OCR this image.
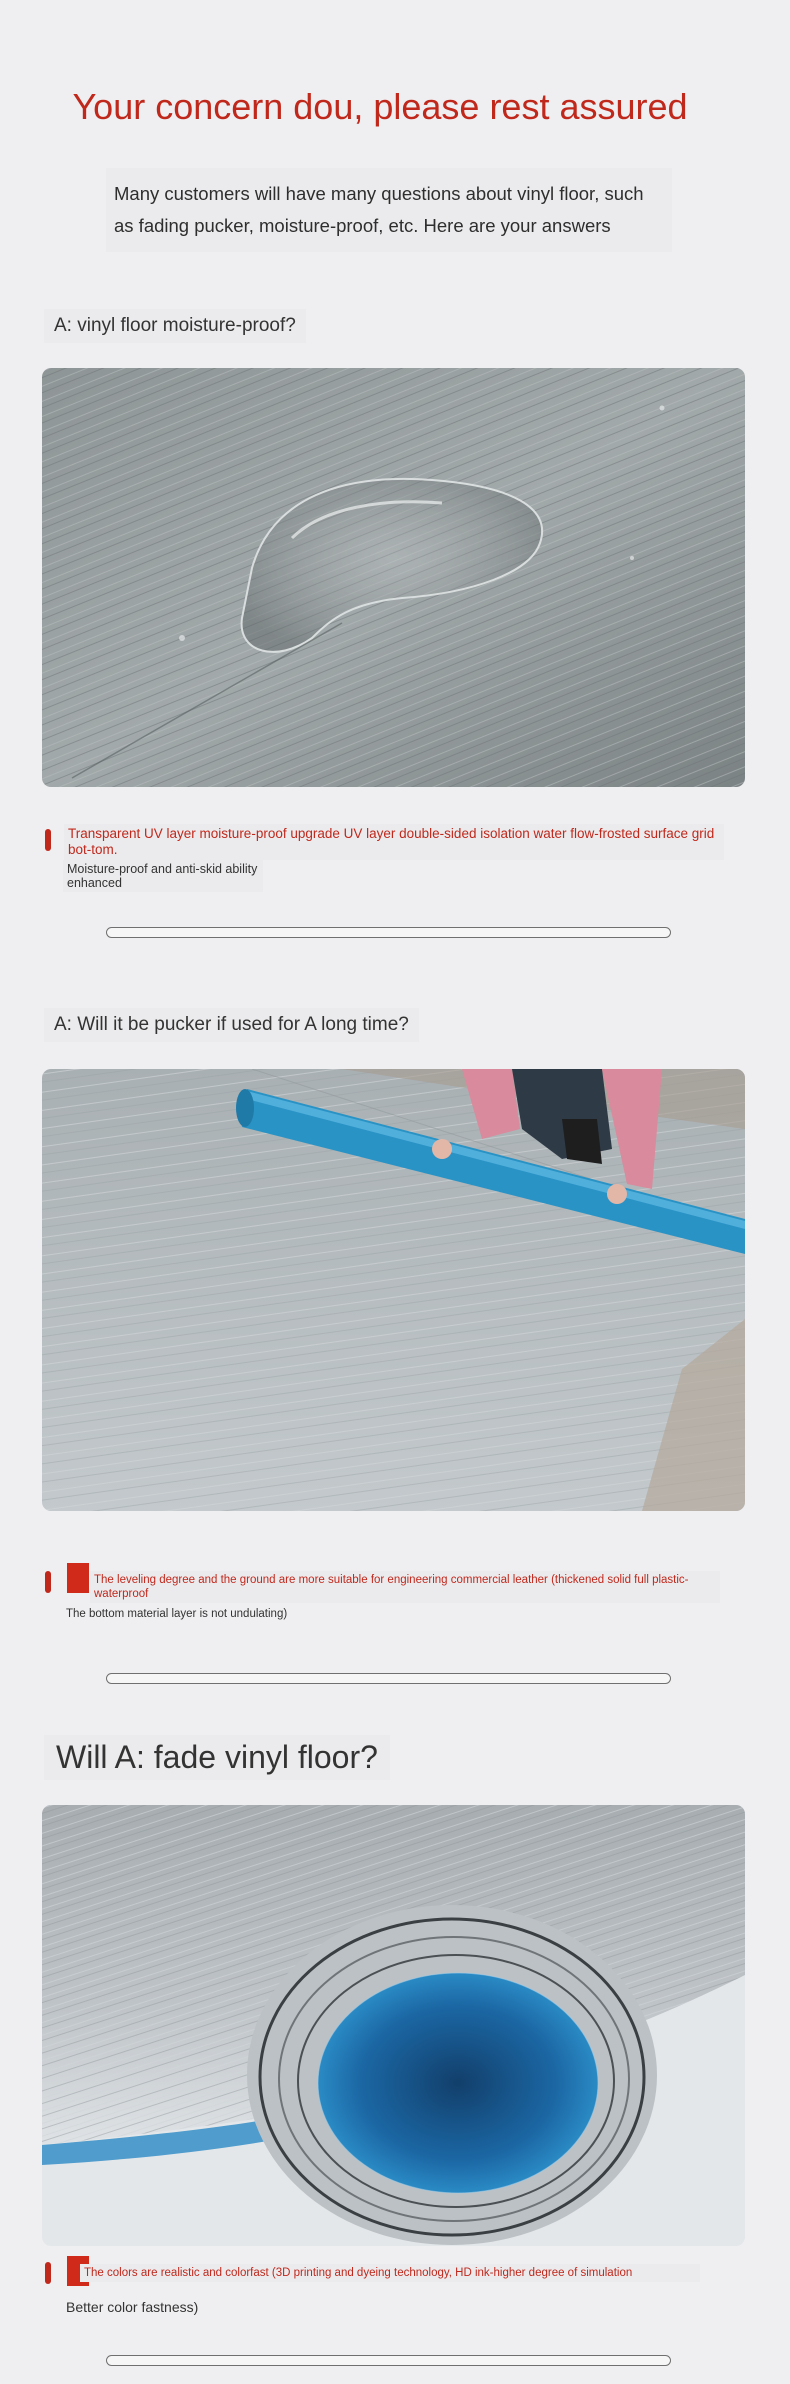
Your concern dou, please rest assured

Many customers will have many questions about vinyl floor, such as fading pucker, moisture-proof, etc. Here are your answers

A: vinyl floor moisture-proof?
Transparent UV layer moisture-proof upgrade UV layer double-sided isolation water flow-frosted surface grid bot-tom.
Moisture-proof and anti-skid ability enhanced
A: Will it be pucker if used for A long time?
The leveling degree and the ground are more suitable for engineering commercial leather (thickened solid full plastic-waterproof
The bottom material layer is not undulating)
Will A: fade vinyl floor?
The colors are realistic and colorfast (3D printing and dyeing technology, HD ink-higher degree of simulation
Better color fastness)
